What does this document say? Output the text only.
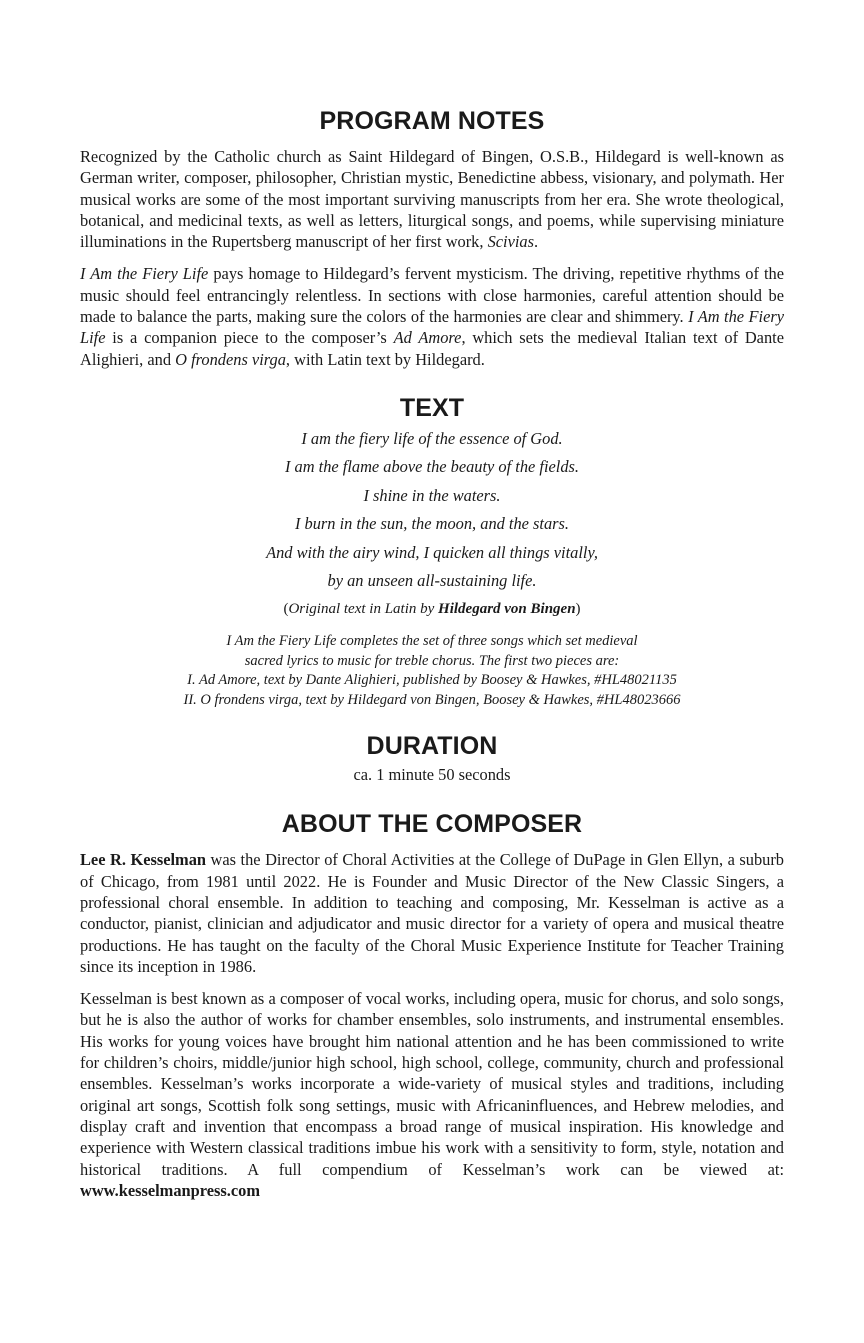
PROGRAM NOTES

Recognized by the Catholic church as Saint Hildegard of Bingen, O.S.B., Hildegard is well-known as German writer, composer, philosopher, Christian mystic, Benedictine abbess, visionary, and polymath. Her musical works are some of the most important surviving manuscripts from her era. She wrote theological, botanical, and medicinal texts, as well as letters, liturgical songs, and poems, while supervising miniature illuminations in the Rupertsberg manuscript of her first work, Scivias.

I Am the Fiery Life pays homage to Hildegard’s fervent mysticism. The driving, repetitive rhythms of the music should feel entrancingly relentless. In sections with close harmonies, careful attention should be made to balance the parts, making sure the colors of the harmonies are clear and shimmery. I Am the Fiery Life is a companion piece to the composer’s Ad Amore, which sets the medieval Italian text of Dante Alighieri, and O frondens virga, with Latin text by Hildegard.

TEXT

I am the fiery life of the essence of God.

I am the flame above the beauty of the fields.

I shine in the waters.

I burn in the sun, the moon, and the stars.

And with the airy wind, I quicken all things vitally,

by an unseen all-sustaining life.

(Original text in Latin by Hildegard von Bingen)

I Am the Fiery Life completes the set of three songs which set medieval

sacred lyrics to music for treble chorus. The first two pieces are:

I. Ad Amore, text by Dante Alighieri, published by Boosey & Hawkes, #HL48021135

II. O frondens virga, text by Hildegard von Bingen, Boosey & Hawkes, #HL48023666

DURATION

ca. 1 minute 50 seconds

ABOUT THE COMPOSER

Lee R. Kesselman was the Director of Choral Activities at the College of DuPage in Glen Ellyn, a suburb of Chicago, from 1981 until 2022. He is Founder and Music Director of the New Classic Singers, a professional choral ensemble. In addition to teaching and composing, Mr. Kesselman is active as a conductor, pianist, clinician and adjudicator and music director for a variety of opera and musical theatre productions. He has taught on the faculty of the Choral Music Experience Institute for Teacher Training since its inception in 1986.

Kesselman is best known as a composer of vocal works, including opera, music for chorus, and solo songs, but he is also the author of works for chamber ensembles, solo instruments, and instrumental ensembles. His works for young voices have brought him national attention and he has been commissioned to write for children’s choirs, middle/junior high school, high school, college, community, church and professional ensembles. Kesselman’s works incorporate a wide-variety of musical styles and traditions, including original art songs, Scottish folk song settings, music with Africaninfluences, and Hebrew melodies, and display craft and invention that encompass a broad range of musical inspiration. His knowledge and experience with Western classical traditions imbue his work with a sensitivity to form, style, notation and historical traditions. A full compendium of Kesselman’s work can be viewed at: www.kesselmanpress.com
